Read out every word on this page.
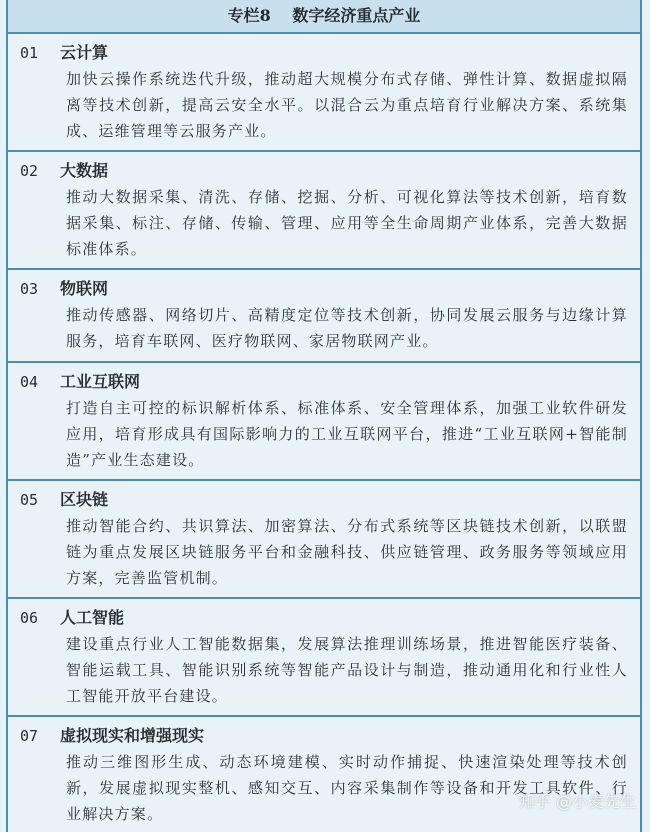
专栏8 数字经济重点产业
01	云计算
加快云操作系统迭代升级，推动超大规模分布式存储、弹性计算、数据虚拟隔离等技术创新，提高云安全水平。以混合云为重点培育行业解决方案、系统集成、运维管理等云服务产业。
02	大数据
推动大数据采集、清洗、存储、挖掘、分析、可视化算法等技术创新，培育数据采集、标注、存储、传输、管理、应用等全生命周期产业体系，完善大数据标准体系。
03	物联网
推动传感器、网络切片、高精度定位等技术创新，协同发展云服务与边缘计算服务，培育车联网、医疗物联网、家居物联网产业。
04	工业互联网
打造自主可控的标识解析体系、标准体系、安全管理体系，加强工业软件研发应用，培育形成具有国际影响力的工业互联网平台，推进“工业互联网+智能制造”产业生态建设。
05	区块链
推动智能合约、共识算法、加密算法、分布式系统等区块链技术创新，以联盟链为重点发展区块链服务平台和金融科技、供应链管理、政务服务等领域应用方案，完善监管机制。
06	人工智能
建设重点行业人工智能数据集，发展算法推理训练场景，推进智能医疗装备、智能运载工具、智能识别系统等智能产品设计与制造，推动通用化和行业性人工智能开放平台建设。
07	虚拟现实和增强现实
推动三维图形生成、动态环境建模、实时动作捕捉、快速渲染处理等技术创新，发展虚拟现实整机、感知交互、内容采集制作等设备和开发工具软件、行业解决方案。
知乎 @小麦先生
